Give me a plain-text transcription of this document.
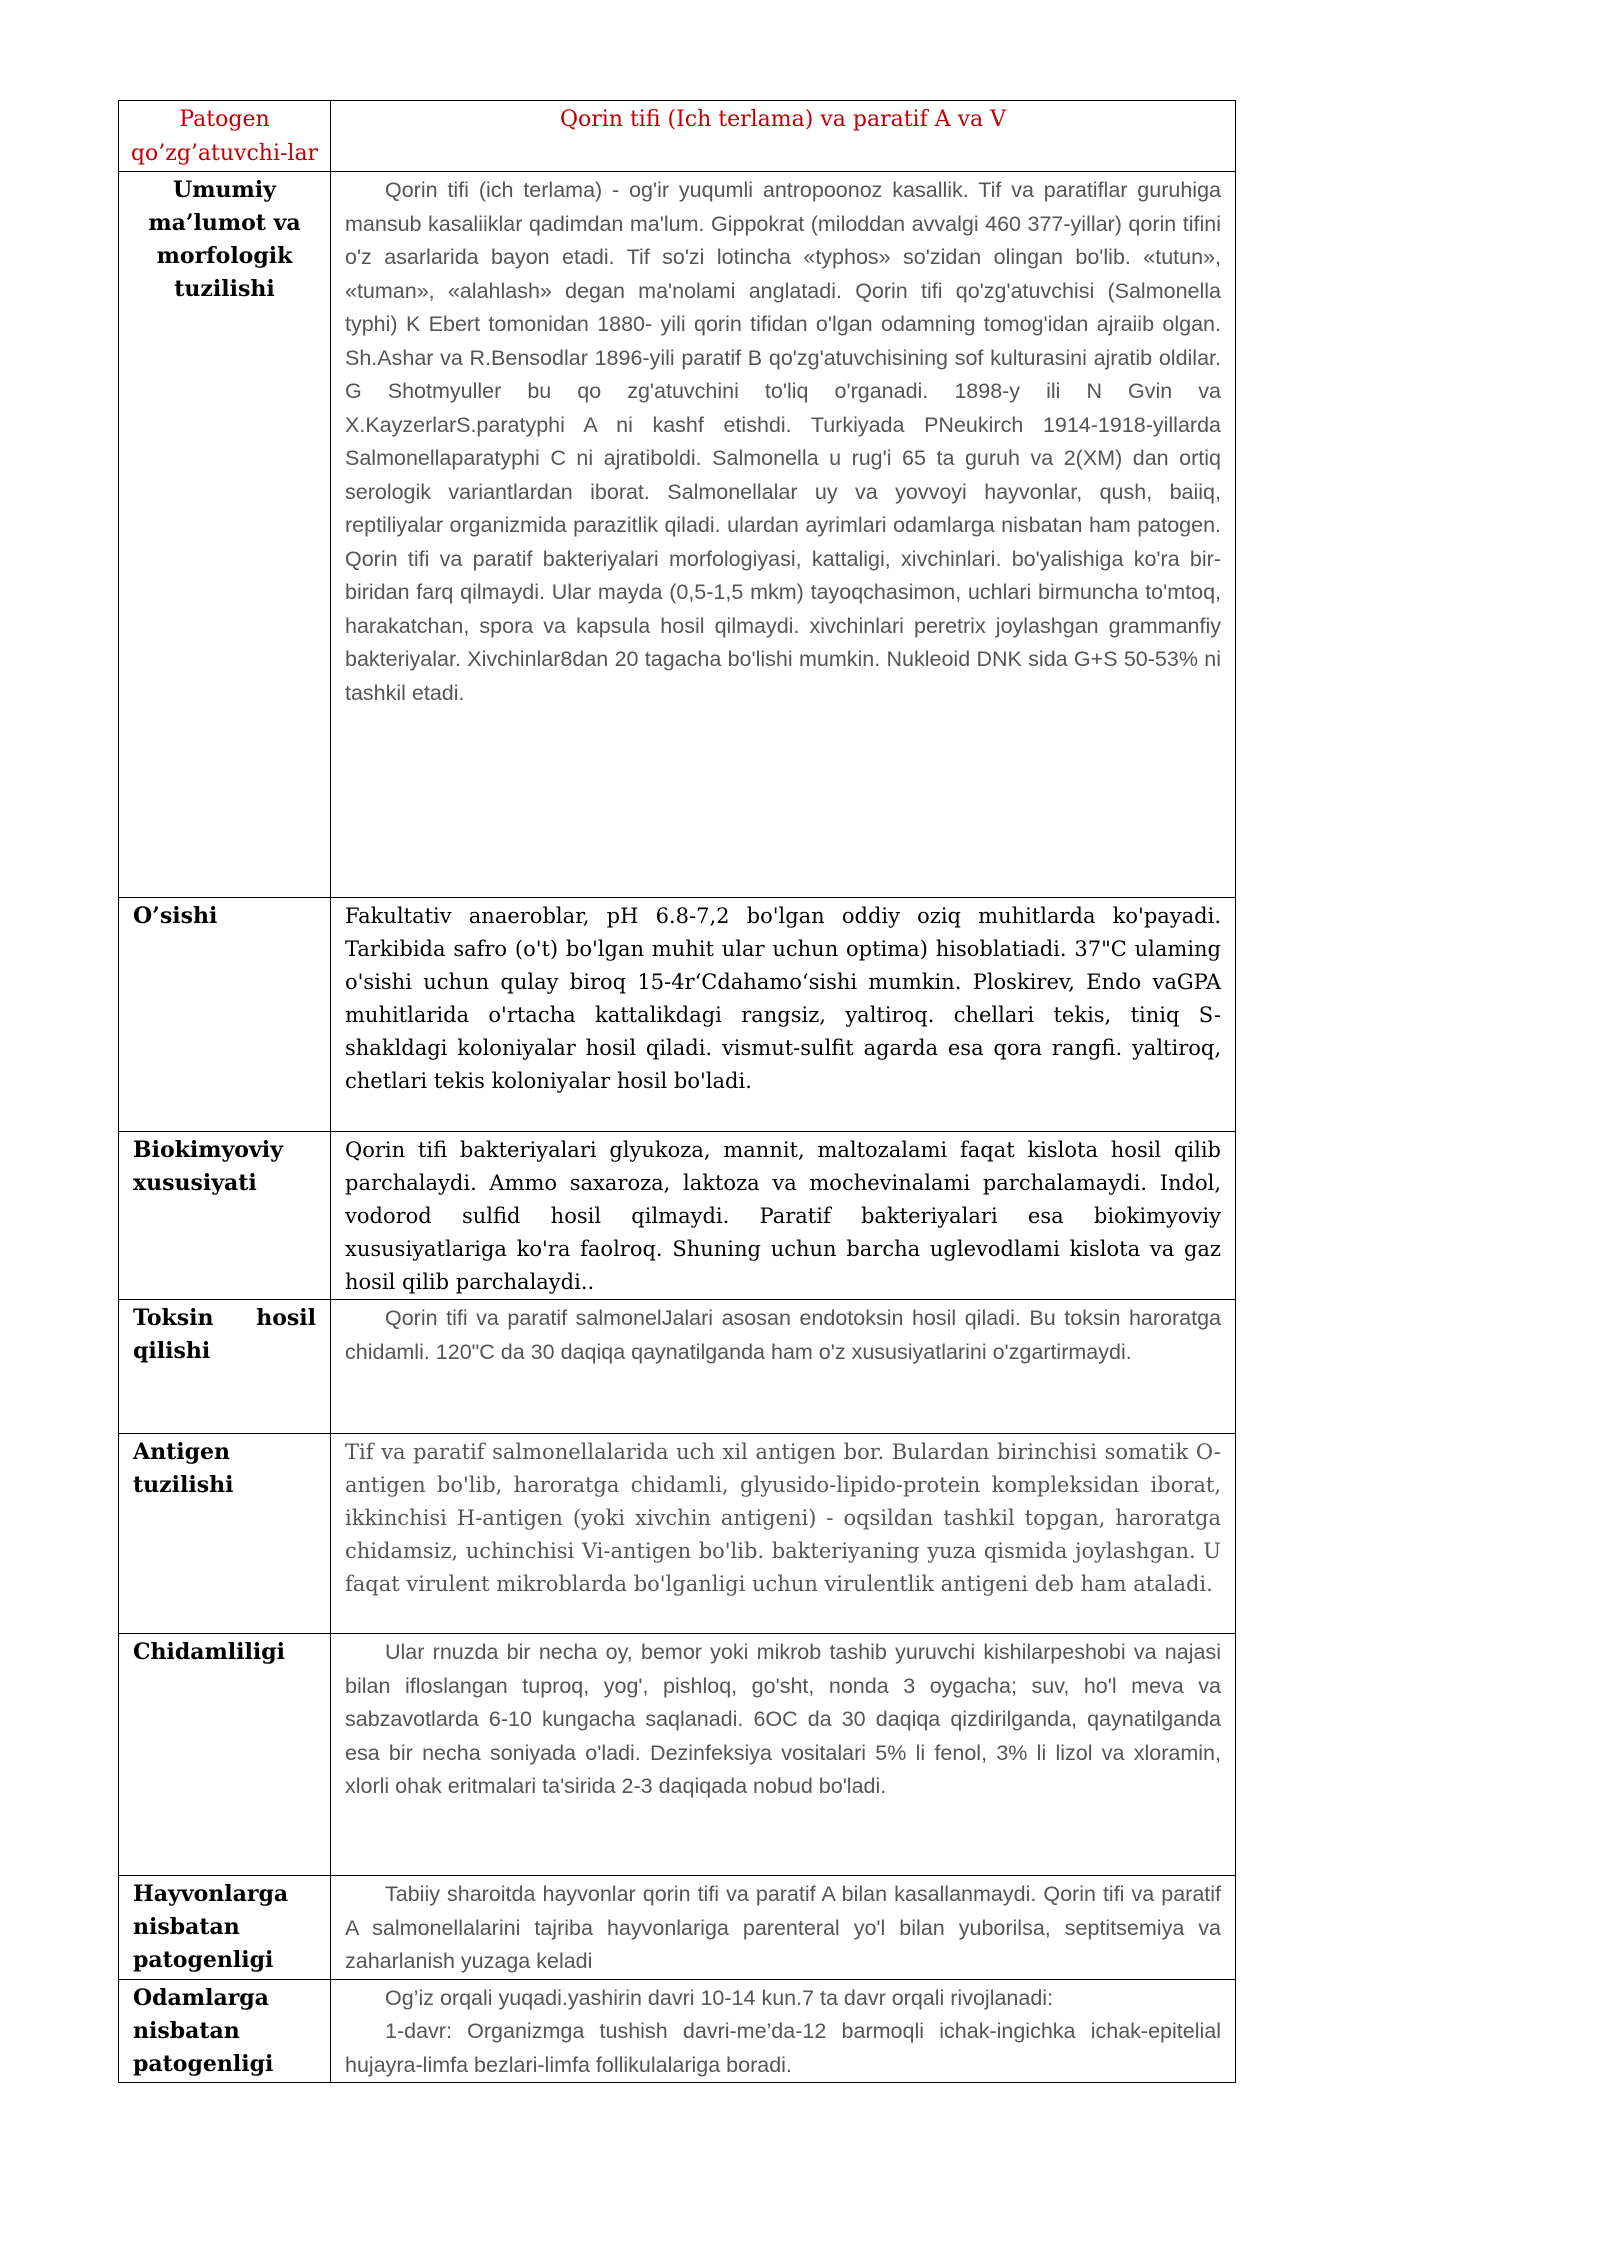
Patogen qo’zg’atuvchi-lar	Qorin tifi (Ich terlama) va paratif A va V
Umumiy ma’lumot va morfologik tuzilishi	Qorin tifi (ich terlama) - og'ir yuqumli antropoonoz kasallik. Tif va paratiflar guruhiga mansub kasaliiklar qadimdan ma'lum. Gippokrat (miloddan avvalgi 460 377-yillar) qorin tifini o'z asarlarida bayon etadi. Tif so'zi lotincha «typhos» so'zidan olingan bo'lib. «tutun», «tuman», «alahlash» degan ma'nolami anglatadi. Qorin tifi qo'zg'atuvchisi (Salmonella typhi) K Ebert tomonidan 1880- yili qorin tifidan o'lgan odamning tomog'idan ajraiib olgan. Sh.Ashar va R.Bensodlar 1896-yili paratif B qo'zg'atuvchisining sof kulturasini ajratib oldilar. G Shotmyuller bu qo zg'atuvchini to'liq o'rganadi. 1898-y ili N Gvin va X.KayzerlarS.paratyphi A ni kashf etishdi. Turkiyada PNeukirch 1914-1918-yillarda Salmonellaparatyphi C ni ajratiboldi. Salmonella u rug'i 65 ta guruh va 2(XM) dan ortiq serologik variantlardan iborat. Salmonellalar uy va yovvoyi hayvonlar, qush, baiiq, reptiliyalar organizmida parazitlik qiladi. ulardan ayrimlari odamlarga nisbatan ham patogen. Qorin tifi va paratif bakteriyalari morfologiyasi, kattaligi, xivchinlari. bo'yalishiga ko'ra bir-biridan farq qilmaydi. Ular mayda (0,5-1,5 mkm) tayoqchasimon, uchlari birmuncha to'mtoq, harakatchan, spora va kapsula hosil qilmaydi. xivchinlari peretrix joylashgan grammanfiy bakteriyalar. Xivchinlar8dan 20 tagacha bo'lishi mumkin. Nukleoid DNK sida G+S 50-53% ni tashkil etadi.
O’sishi	Fakultativ anaeroblar, pH 6.8-7,2 bo'lgan oddiy oziq muhitlarda ko'payadi. Tarkibida safro (o't) bo'lgan muhit ular uchun optima) hisoblatiadi. 37"C ulaming o'sishi uchun qulay biroq 15-4r‘Cdahamo‘sishi mumkin. Ploskirev, Endo vaGPA muhitlarida o'rtacha kattalikdagi rangsiz, yaltiroq. chellari tekis, tiniq S-shakldagi koloniyalar hosil qiladi. vismut-sulfit agarda esa qora rangfi. yaltiroq, chetlari tekis koloniyalar hosil bo'ladi.
Biokimyoviy xususiyati	Qorin tifi bakteriyalari glyukoza, mannit, maltozalami faqat kislota hosil qilib parchalaydi. Ammo saxaroza, laktoza va mochevinalami parchalamaydi. Indol, vodorod sulfid hosil qilmaydi. Paratif bakteriyalari esa biokimyoviy xususiyatlariga ko'ra faolroq. Shuning uchun barcha uglevodlami kislota va gaz hosil qilib parchalaydi..
Toksin hosil qilishi	Qorin tifi va paratif salmonelJalari asosan endotoksin hosil qiladi. Bu toksin haroratga chidamli. 120"C da 30 daqiqa qaynatilganda ham o'z xususiyatlarini o'zgartirmaydi.
Antigen tuzilishi	Tif va paratif salmonellalarida uch xil antigen bor. Bulardan birinchisi somatik O-antigen bo'lib, haroratga chidamli, glyusido-lipido-protein kompleksidan iborat, ikkinchisi H-antigen (yoki xivchin antigeni) - oqsildan tashkil topgan, haroratga chidamsiz, uchinchisi Vi-antigen bo'lib. bakteriyaning yuza qismida joylashgan. U faqat virulent mikroblarda bo'lganligi uchun virulentlik antigeni deb ham ataladi.
Chidamliligi	Ular rnuzda bir necha oy, bemor yoki mikrob tashib yuruvchi kishilarpeshobi va najasi bilan ifloslangan tuproq, yog', pishloq, go'sht, nonda 3 oygacha; suv, ho'l meva va sabzavotlarda 6-10 kungacha saqlanadi. 6OC da 30 daqiqa qizdirilganda, qaynatilganda esa bir necha soniyada o'ladi. Dezinfeksiya vositalari 5% li fenol, 3% li lizol va xloramin, xlorli ohak eritmalari ta'sirida 2-3 daqiqada nobud bo'ladi.
Hayvonlarga nisbatan patogenligi	Tabiiy sharoitda hayvonlar qorin tifi va paratif A bilan kasallanmaydi. Qorin tifi va paratif A salmonellalarini tajriba hayvonlariga parenteral yo'l bilan yuborilsa, septitsemiya va zaharlanish yuzaga keladi
Odamlarga nisbatan patogenligi	Og’iz orqali yuqadi.yashirin davri 10-14 kun.7 ta davr orqali rivojlanadi:

1-davr: Organizmga tushish davri-me’da-12 barmoqli ichak-ingichka ichak-epitelial hujayra-limfa bezlari-limfa follikulalariga boradi.
